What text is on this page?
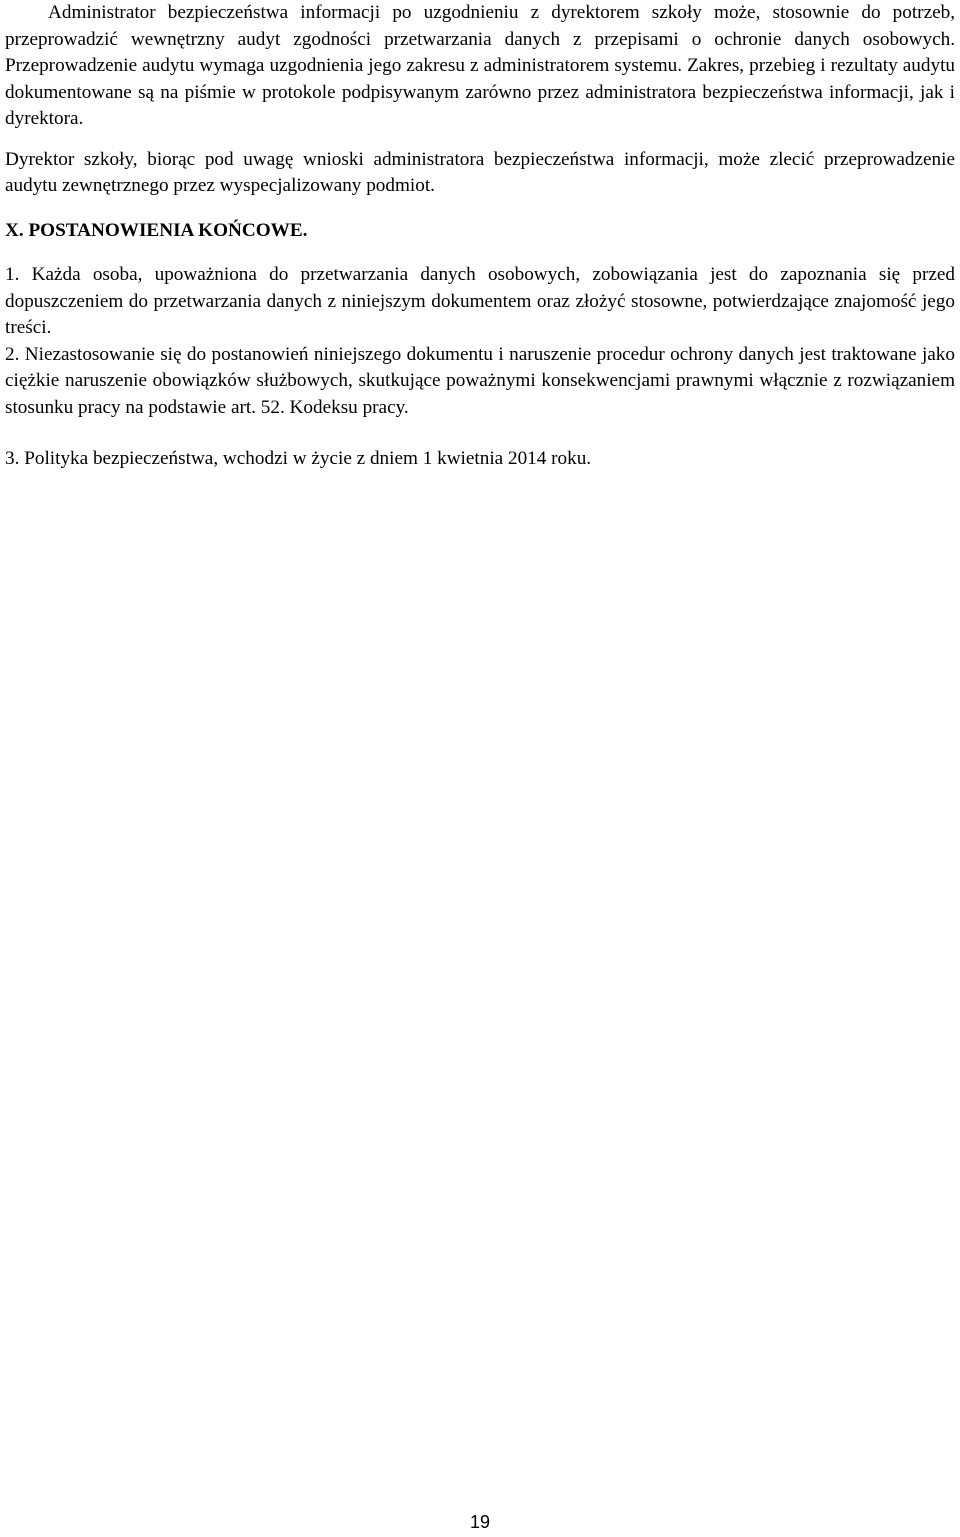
Administrator bezpieczeństwa informacji po uzgodnieniu z dyrektorem szkoły może, stosownie do potrzeb, przeprowadzić wewnętrzny audyt zgodności przetwarzania danych z przepisami o ochronie danych osobowych. Przeprowadzenie audytu wymaga uzgodnienia jego zakresu z administratorem systemu. Zakres, przebieg i rezultaty audytu dokumentowane są na piśmie w protokole podpisywanym zarówno przez administratora bezpieczeństwa informacji, jak i dyrektora.

Dyrektor szkoły, biorąc pod uwagę wnioski administratora bezpieczeństwa informacji, może zlecić przeprowadzenie audytu zewnętrznego przez wyspecjalizowany podmiot.

X. POSTANOWIENIA KOŃCOWE.

1. Każda osoba, upoważniona do przetwarzania danych osobowych, zobowiązania jest do zapoznania się przed dopuszczeniem do przetwarzania danych z niniejszym dokumentem oraz złożyć stosowne, potwierdzające znajomość jego treści.

2. Niezastosowanie się do postanowień niniejszego dokumentu i naruszenie procedur ochrony danych jest traktowane jako ciężkie naruszenie obowiązków służbowych, skutkujące poważnymi konsekwencjami prawnymi włącznie z rozwiązaniem stosunku pracy na podstawie art. 52. Kodeksu pracy.

3. Polityka bezpieczeństwa, wchodzi w życie z dniem 1 kwietnia 2014 roku.

19
